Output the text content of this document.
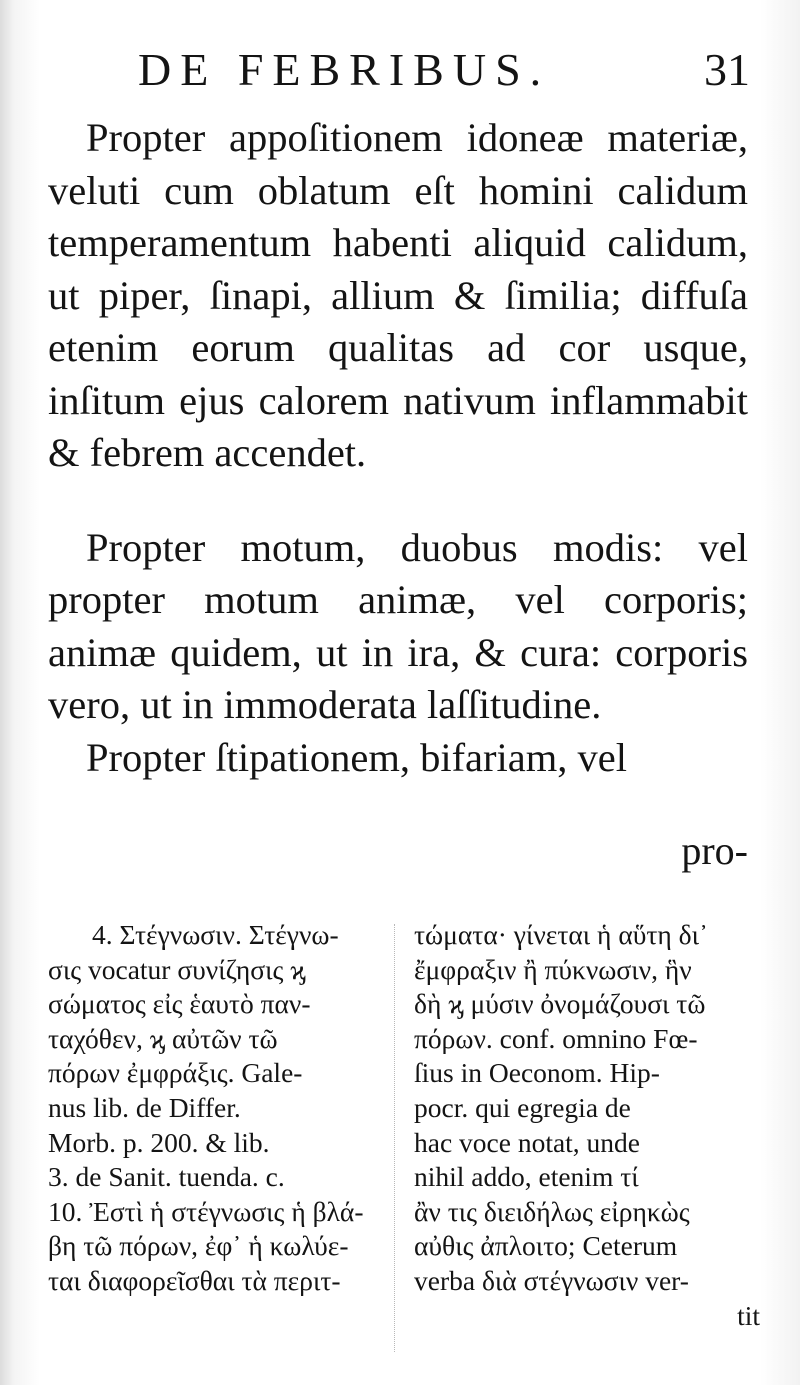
DE FEBRIBUS.	31

Propter appoſitionem idoneæ materiæ, veluti cum oblatum eſt homini calidum temperamentum habenti aliquid calidum, ut piper, ſinapi, allium & ſimilia; diffuſa etenim eorum qualitas ad cor usque, inſitum ejus calorem nativum inflammabit & febrem accendet.

Propter motum, duobus modis: vel propter motum animæ, vel corporis; animæ quidem, ut in ira, & cura: corporis vero, ut in immoderata laſſitudine.

Propter ſtipationem, bifariam, vel

pro-
4. Στέγνωσιν. Στέγνω-
σις vocatur συνίζησις ϗ
σώματος εἰς ἑαυτὸ παν-
ταχόθεν, ϗ αὐτῶν τῶ
πόρων ἐμφράξις. Gale-
nus lib. de Differ.
Morb. p. 200. & lib.
3. de Sanit. tuenda. c.
10. Ἐστὶ ἡ στέγνωσις ἡ βλά-
βη τῶ πόρων, ἐφ᾽ ἡ κωλύε-
ται διαφορεῖσθαι τὰ περιτ-
τώματα· γίνεται ἡ αὕτη δι᾽
ἔμφραξιν ἢ πύκνωσιν, ἣν
δὴ ϗ μύσιν ὀνομάζουσι τῶ
πόρων. conf. omnino Fœ-
ſius in Oeconom. Hip-
pocr. qui egregia de
hac voce notat, unde
nihil addo, etenim τί
ἂν τις διειδήλως εἰρηκὼς
αὐθις ἀπλοιτο; Ceterum
verba διὰ στέγνωσιν ver-
tit
